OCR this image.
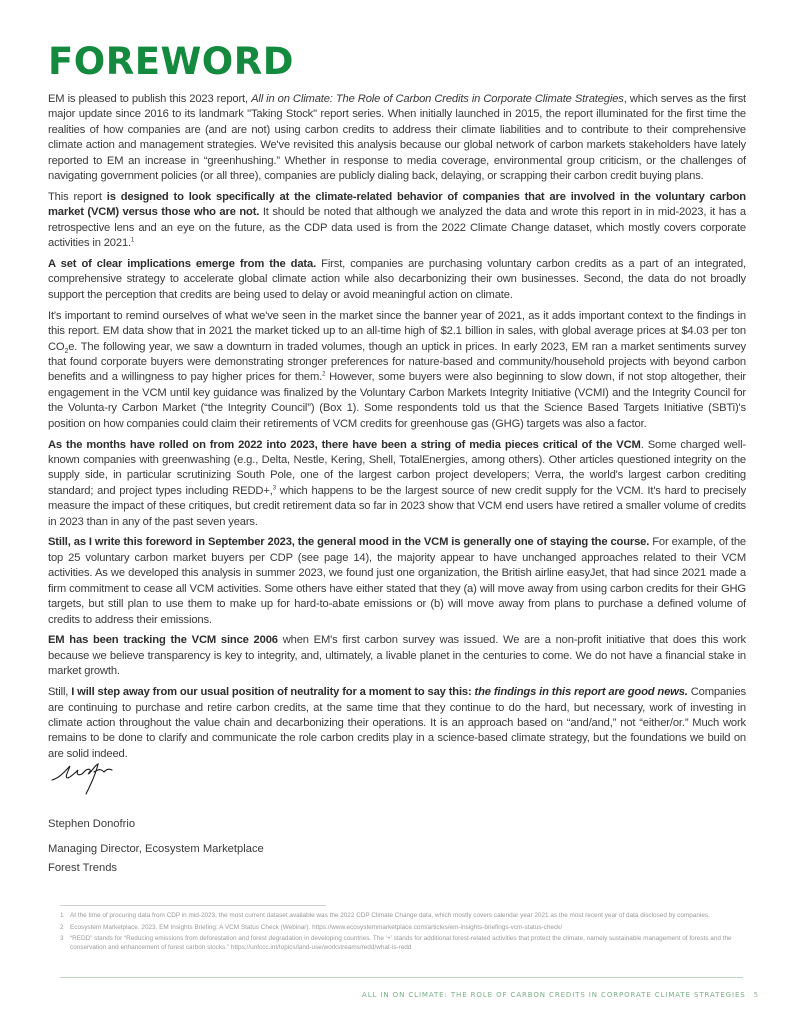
FOREWORD

EM is pleased to publish this 2023 report, All in on Climate: The Role of Carbon Credits in Corporate Climate Strategies, which serves as the first major update since 2016 to its landmark "Taking Stock" report series. When initially launched in 2015, the report illuminated for the first time the realities of how companies are (and are not) using carbon credits to address their climate liabilities and to contribute to their comprehensive climate action and management strategies. We've revisited this analysis because our global network of carbon markets stakeholders have lately reported to EM an increase in “greenhushing.” Whether in response to media coverage, environmental group criticism, or the challenges of navigating government policies (or all three), companies are publicly dialing back, delaying, or scrapping their carbon credit buying plans.

This report is designed to look specifically at the climate-related behavior of companies that are involved in the voluntary carbon market (VCM) versus those who are not. It should be noted that although we analyzed the data and wrote this report in in mid-2023, it has a retrospective lens and an eye on the future, as the CDP data used is from the 2022 Climate Change dataset, which mostly covers corporate activities in 2021.$^1$

A set of clear implications emerge from the data. First, companies are purchasing voluntary carbon credits as a part of an integrated, comprehensive strategy to accelerate global climate action while also decarbonizing their own businesses. Second, the data do not broadly support the perception that credits are being used to delay or avoid meaningful action on climate.

It's important to remind ourselves of what we've seen in the market since the banner year of 2021, as it adds important context to the findings in this report. EM data show that in 2021 the market ticked up to an all-time high of $2.1 billion in sales, with global average prices at $4.03 per ton $CO_2e$. The following year, we saw a downturn in traded volumes, though an uptick in prices. In early 2023, EM ran a market sentiments survey that found corporate buyers were demonstrating stronger preferences for nature-based and community/household projects with beyond carbon benefits and a willingness to pay higher prices for them.$^2$ However, some buyers were also beginning to slow down, if not stop altogether, their engagement in the VCM until key guidance was finalized by the Voluntary Carbon Markets Integrity Initiative (VCMI) and the Integrity Council for the Volunta-ry Carbon Market (“the Integrity Council”) (Box 1). Some respondents told us that the Science Based Targets Initiative (SBTi)'s position on how companies could claim their retirements of VCM credits for greenhouse gas (GHG) targets was also a factor.

As the months have rolled on from 2022 into 2023, there have been a string of media pieces critical of the VCM. Some charged well-known companies with greenwashing (e.g., Delta, Nestle, Kering, Shell, TotalEnergies, among others). Other articles questioned integrity on the supply side, in particular scrutinizing South Pole, one of the largest carbon project developers; Verra, the world's largest carbon crediting standard; and project types including REDD+,$^3$ which happens to be the largest source of new credit supply for the VCM. It's hard to precisely measure the impact of these critiques, but credit retirement data so far in 2023 show that VCM end users have retired a smaller volume of credits in 2023 than in any of the past seven years.

Still, as I write this foreword in September 2023, the general mood in the VCM is generally one of staying the course. For example, of the top 25 voluntary carbon market buyers per CDP (see page 14), the majority appear to have unchanged approaches related to their VCM activities. As we developed this analysis in summer 2023, we found just one organization, the British airline easyJet, that had since 2021 made a firm commitment to cease all VCM activities. Some others have either stated that they (a) will move away from using carbon credits for their GHG targets, but still plan to use them to make up for hard-to-abate emissions or (b) will move away from plans to purchase a defined volume of credits to address their emissions.

EM has been tracking the VCM since 2006 when EM's first carbon survey was issued. We are a non-profit initiative that does this work because we believe transparency is key to integrity, and, ultimately, a livable planet in the centuries to come. We do not have a financial stake in market growth.

Still, I will step away from our usual position of neutrality for a moment to say this: the findings in this report are good news. Companies are continuing to purchase and retire carbon credits, at the same time that they continue to do the hard, but necessary, work of investing in climate action throughout the value chain and decarbonizing their operations. It is an approach based on “and/and,” not “either/or.” Much work remains to be done to clarify and communicate the role carbon credits play in a science-based climate strategy, but the foundations we build on are solid indeed.

Stephen Donofrio
Managing Director, Ecosystem Marketplace
Forest Trends
1 At the time of procuring data from CDP in mid-2023, the most current dataset available was the 2022 CDP Climate Change data, which mostly covers calendar year 2021 as the most recent year of data disclosed by companies.
2 Ecosystem Marketplace. 2023. EM Insights Briefing: A VCM Status Check (Webinar). https://www.ecosystemmarketplace.com/articles/em-insights-briefings-vcm-status-check/
3 “REDD” stands for “Reducing emissions from deforestation and forest degradation in developing countries. The ‘+’ stands for additional forest-related activities that protect the climate, namely sustainable management of forests and the conservation and enhancement of forest carbon stocks.” https://unfccc.int/topics/land-use/workstreams/redd/what-is-redd
ALL IN ON CLIMATE: THE ROLE OF CARBON CREDITS IN CORPORATE CLIMATE STRATEGIES 5
